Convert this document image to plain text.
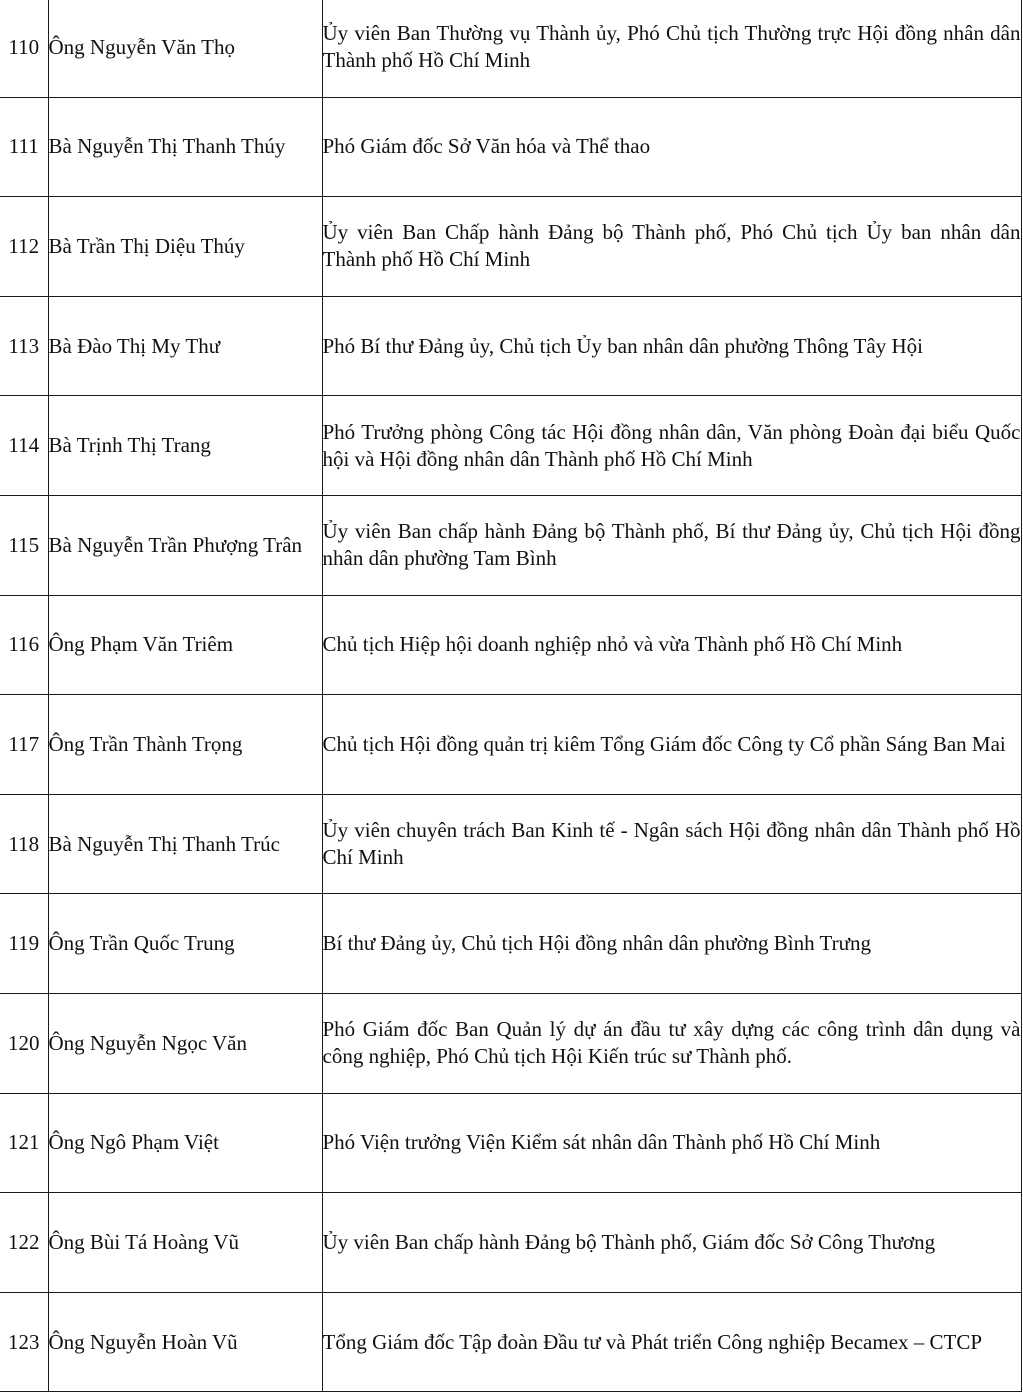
110	Ông Nguyễn Văn Thọ	Ủy viên Ban Thường vụ Thành ủy, Phó Chủ tịch Thường trực Hội đồng nhân dân Thành phố Hồ Chí Minh
111	Bà Nguyễn Thị Thanh Thúy	Phó Giám đốc Sở Văn hóa và Thể thao
112	Bà Trần Thị Diệu Thúy	Ủy viên Ban Chấp hành Đảng bộ Thành phố, Phó Chủ tịch Ủy ban nhân dân Thành phố Hồ Chí Minh
113	Bà Đào Thị My Thư	Phó Bí thư Đảng ủy, Chủ tịch Ủy ban nhân dân phường Thông Tây Hội
114	Bà Trịnh Thị Trang	Phó Trưởng phòng Công tác Hội đồng nhân dân, Văn phòng Đoàn đại biểu Quốc hội và Hội đồng nhân dân Thành phố Hồ Chí Minh
115	Bà Nguyễn Trần Phượng Trân	Ủy viên Ban chấp hành Đảng bộ Thành phố, Bí thư Đảng ủy, Chủ tịch Hội đồng nhân dân phường Tam Bình
116	Ông Phạm Văn Triêm	Chủ tịch Hiệp hội doanh nghiệp nhỏ và vừa Thành phố Hồ Chí Minh
117	Ông Trần Thành Trọng	Chủ tịch Hội đồng quản trị kiêm Tổng Giám đốc Công ty Cổ phần Sáng Ban Mai
118	Bà Nguyễn Thị Thanh Trúc	Ủy viên chuyên trách Ban Kinh tế - Ngân sách Hội đồng nhân dân Thành phố Hồ Chí Minh
119	Ông Trần Quốc Trung	Bí thư Đảng ủy, Chủ tịch Hội đồng nhân dân phường Bình Trưng
120	Ông Nguyễn Ngọc Văn	Phó Giám đốc Ban Quản lý dự án đầu tư xây dựng các công trình dân dụng và công nghiệp, Phó Chủ tịch Hội Kiến trúc sư Thành phố.
121	Ông Ngô Phạm Việt	Phó Viện trưởng Viện Kiểm sát nhân dân Thành phố Hồ Chí Minh
122	Ông Bùi Tá Hoàng Vũ	Ủy viên Ban chấp hành Đảng bộ Thành phố, Giám đốc Sở Công Thương
123	Ông Nguyễn Hoàn Vũ	Tổng Giám đốc Tập đoàn Đầu tư và Phát triển Công nghiệp Becamex – CTCP
